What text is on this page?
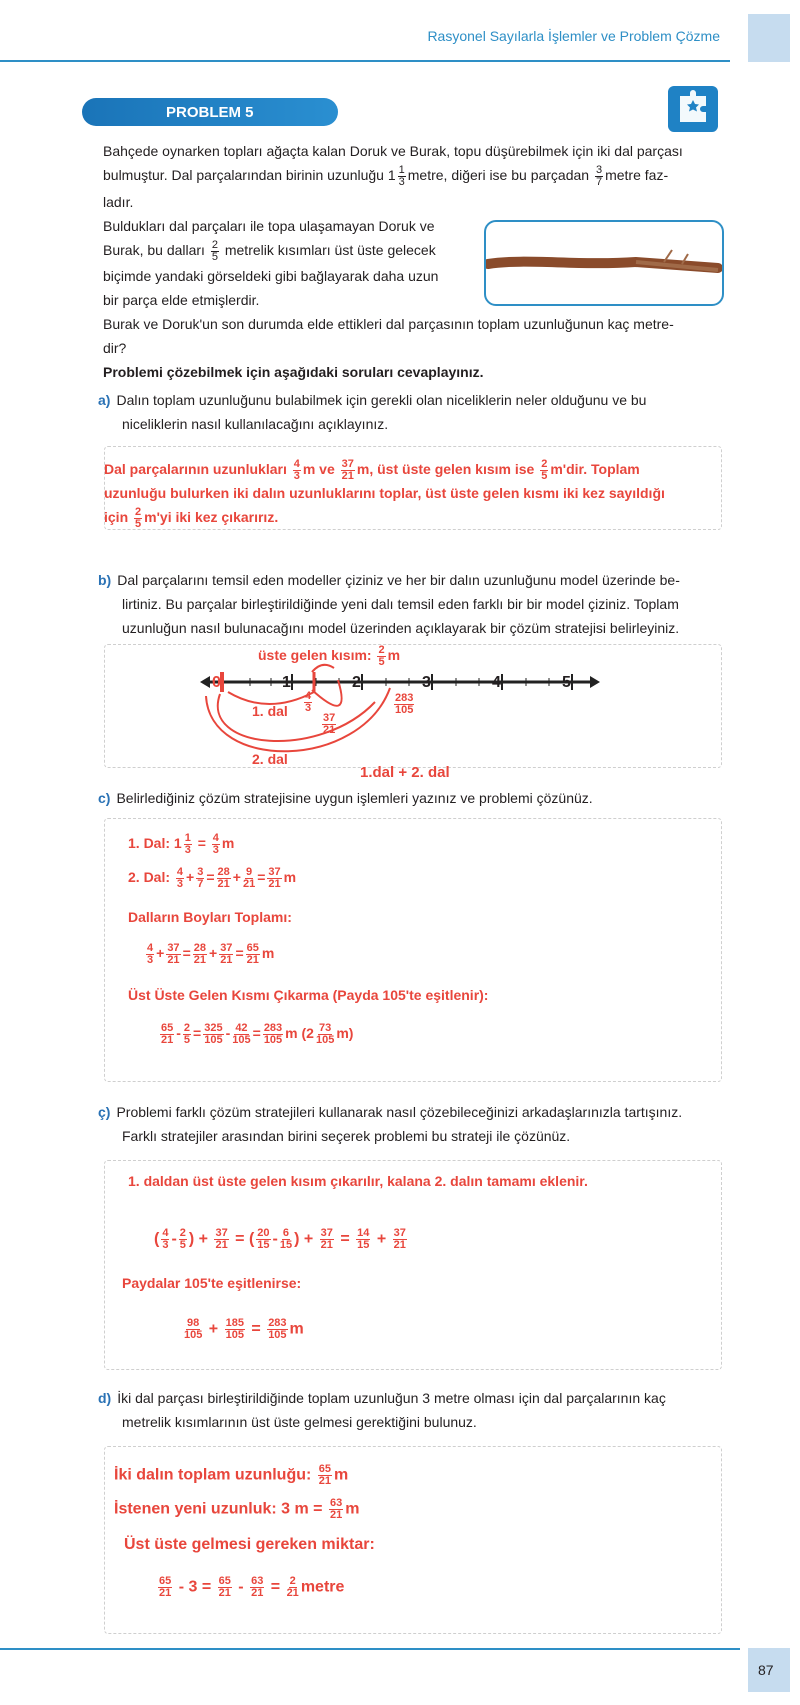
Rasyonel Sayılarla İşlemler ve Problem Çözme
PROBLEM 5
Bahçede oynarken topları ağaçta kalan Doruk ve Burak, topu düşürebilmek için iki dal parçası
bulmuştur. Dal parçalarından birinin uzunluğu $1 \frac{1}{3}$ metre, diğeri ise bu parçadan $\frac{3}{7}$ metre faz-
ladır.
Buldukları dal parçaları ile topa ulaşamayan Doruk ve
Burak, bu dalları $\frac{2}{5}$ metrelik kısımları üst üste gelecek
biçimde yandaki görseldeki gibi bağlayarak daha uzun
bir parça elde etmişlerdir.
Burak ve Doruk'un son durumda elde ettikleri dal parçasının toplam uzunluğunun kaç metre-
dir?
Problemi çözebilmek için aşağıdaki soruları cevaplayınız.
a) Dalın toplam uzunluğunu bulabilmek için gerekli olan niceliklerin neler olduğunu ve bu
niceliklerin nasıl kullanılacağını açıklayınız.
Dal parçalarının uzunlukları $\frac{4}{3}$ m ve $\frac{37}{21} m$, üst üste gelen kısım ise $\frac{2}{5} m'dir$. Toplam
uzunluğu bulurken iki dalın uzunluklarını toplar, üst üste gelen kısmı iki kez sayıldığı
için $\frac{2}{5} m'yi$ iki kez çıkarırız.
b) Dal parçalarını temsil eden modeller çiziniz ve her bir dalın uzunluğunu model üzerinde be-
lirtiniz. Bu parçalar birleştirildiğinde yeni dalı temsil eden farklı bir bir model çiziniz. Toplam
uzunluğun nasıl bulunacağını model üzerinden açıklayarak bir çözüm stratejisi belirleyiniz.
üste gelen kısım: $\frac{2}{5}$ m
0	1	2	3	4	5
1. dal $\frac{4}{3}$
$\frac{37}{21}$
$\frac{283}{105}$
2. dal
1.dal + 2. dal
c) Belirlediğiniz çözüm stratejisine uygun işlemleri yazınız ve problemi çözünüz.
1. Dal: $1 \frac{1}{3} = \frac{4}{3}$ m
2. Dal: $\frac{4}{3} + \frac{3}{7} = \frac{28}{21} + \frac{9}{21} = \frac{37}{21}$ m
Dalların Boyları Toplamı:
$\frac{4}{3} + \frac{37}{21} = \frac{28}{21} + \frac{37}{21} = \frac{65}{21}$ m
Üst Üste Gelen Kısmı Çıkarma (Payda 105'te eşitlenir):
$\frac{65}{21} - \frac{2}{5} = \frac{325}{105} - \frac{42}{105} = \frac{283}{105}$ m $(2 \frac{73}{105} m)$
ç) Problemi farklı çözüm stratejileri kullanarak nasıl çözebileceğinizi arkadaşlarınızla tartışınız.
Farklı stratejiler arasından birini seçerek problemi bu strateji ile çözünüz.
1. daldan üst üste gelen kısım çıkarılır, kalana 2. dalın tamamı eklenir.
( $\frac{4}{3} - \frac{2}{5}$ ) + $\frac{37}{21}$ = ( $\frac{20}{15} - \frac{6}{15}$ ) + $\frac{37}{21} = \frac{14}{15} + \frac{37}{21}$
Paydalar 105'te eşitlenirse:
$\frac{98}{105} + \frac{185}{105} = \frac{283}{105}$ m
d) İki dal parçası birleştirildiğinde toplam uzunluğun 3 metre olması için dal parçalarının kaç
metrelik kısımlarının üst üste gelmesi gerektiğini bulunuz.
İki dalın toplam uzunluğu: $\frac{65}{21}$ m
İstenen yeni uzunluk: 3 $m = \frac{63}{21}$ m
Üst üste gelmesi gereken miktar:
$\frac{65}{21} - 3 = \frac{65}{21} - \frac{63}{21} = \frac{2}{21}$ metre
87
